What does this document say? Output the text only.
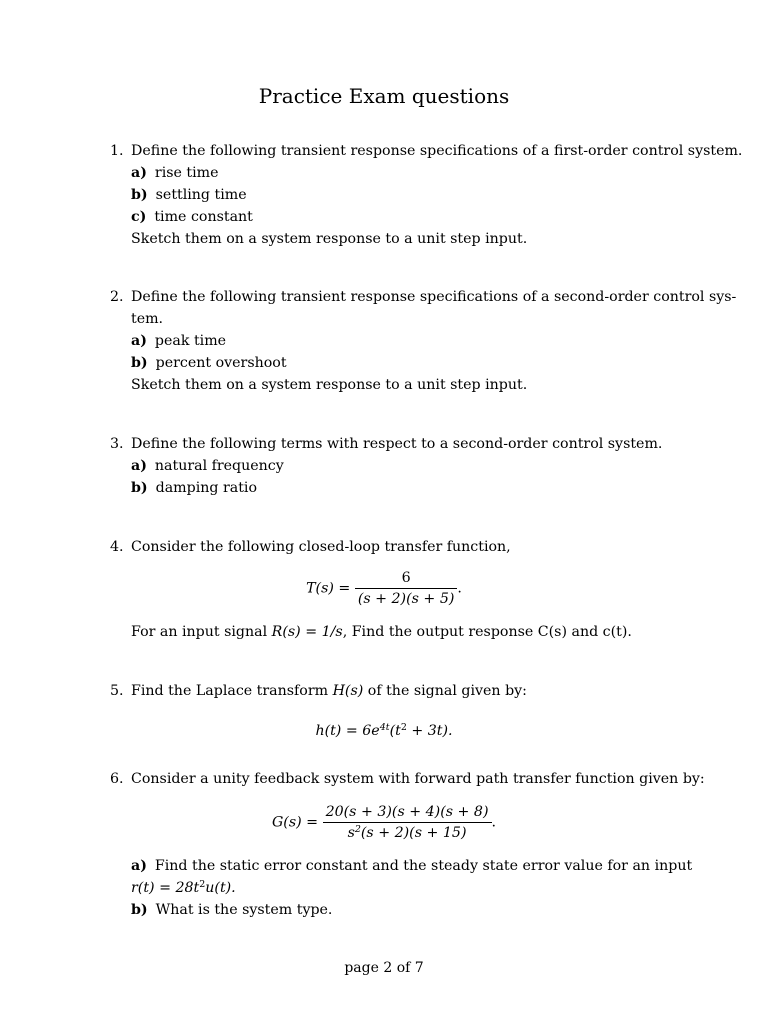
Practice Exam questions
1. Define the following transient response specifications of a first-order control system.
a) rise time
b) settling time
c) time constant
Sketch them on a system response to a unit step input.
2. Define the following transient response specifications of a second-order control sys-
tem.
a) peak time
b) percent overshoot
Sketch them on a system response to a unit step input.
3. Define the following terms with respect to a second-order control system.
a) natural frequency
b) damping ratio
4. Consider the following closed-loop transfer function,
$T(s) = \frac{6}{(s + 2)(s + 5)}$ .
For an input signal R(s) = 1/s, Find the output response C(s) and c(t).
5. Find the Laplace transform H(s) of the signal given by:
$h(t) = 6e^{4t}(t^2 + 3t)$.
6. Consider a unity feedback system with forward path transfer function given by:
$G(s) = \frac{20(s + 3)(s + 4)(s + 8)}{s^2(s + 2)(s + 15)}$ .
a) Find the static error constant and the steady state error value for an input
$r(t) = 28t^2u(t)$.
b) What is the system type.
page 2 of 7
